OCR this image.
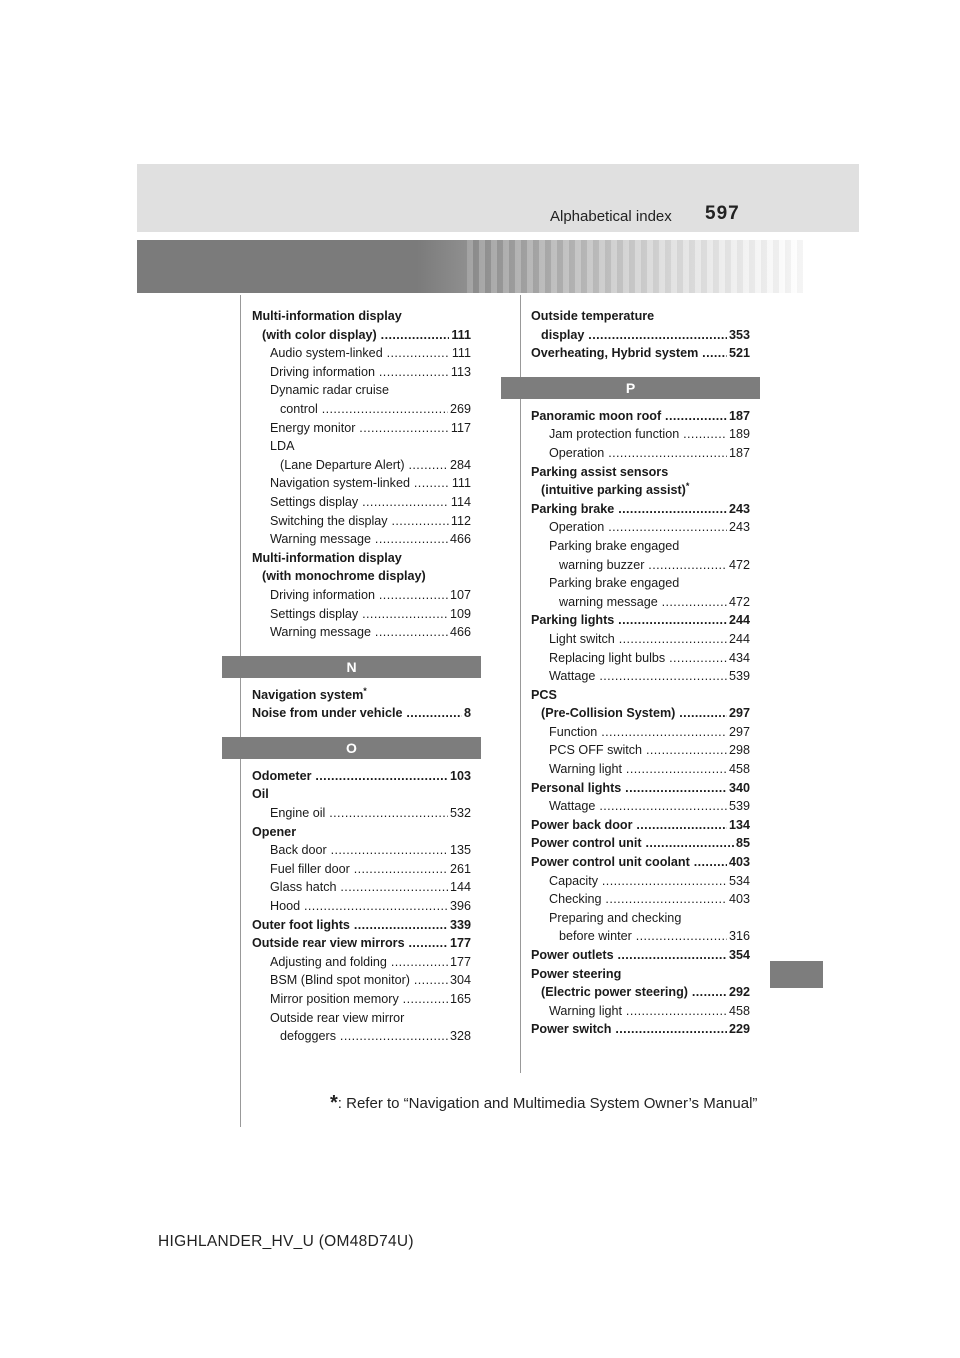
Alphabetical index 597
Multi-information display
(with color display)	111
.....
Audio system-linked	111
.....
Driving information	113
.....
Dynamic radar cruise
control	269
.....
Energy monitor	117
.....
LDA
(Lane Departure Alert)	284
.....
Navigation system-linked	111
.....
Settings display	114
.....
Switching the display	112
.....
Warning message	466
.....
Multi-information display
(with monochrome display)
Driving information	107
.....
Settings display	109
.....
Warning message	466
.....
N
Navigation system*
Noise from under vehicle	8
.....
O
Odometer	103
.....
Oil
Engine oil	532
.....
Opener
Back door	135
.....
Fuel filler door	261
.....
Glass hatch	144
.....
Hood	396
.....
Outer foot lights	339
.....
Outside rear view mirrors	177
.....
Adjusting and folding	177
.....
BSM (Blind spot monitor)	304
.....
Mirror position memory	165
.....
Outside rear view mirror
defoggers	328
.....
Outside temperature
display	353
.....
Overheating, Hybrid system 521
.....
P
Panoramic moon roof	187
.....
Jam protection function	189
.....
Operation	187
.....
Parking assist sensors
(intuitive parking assist)*
Parking brake	243
.....
Operation	243
.....
Parking brake engaged
warning buzzer	472
.....
Parking brake engaged
warning message	472
.....
Parking lights	244
.....
Light switch	244
.....
Replacing light bulbs	434
.....
Wattage	539
.....
PCS
(Pre-Collision System)	297
.....
Function	297
.....
PCS OFF switch	298
.....
Warning light	458
.....
Personal lights	340
.....
Wattage	539
.....
Power back door	134
.....
Power control unit	85
.....
Power control unit coolant	403
.....
Capacity	534
.....
Checking	403
.....
Preparing and checking
before winter	316
.....
Power outlets	354
.....
Power steering
(Electric power steering)	292
.....
Warning light	458
.....
Power switch	229
.....
*: Refer to “Navigation and Multimedia System Owner’s Manual”
HIGHLANDER_HV_U (OM48D74U)
